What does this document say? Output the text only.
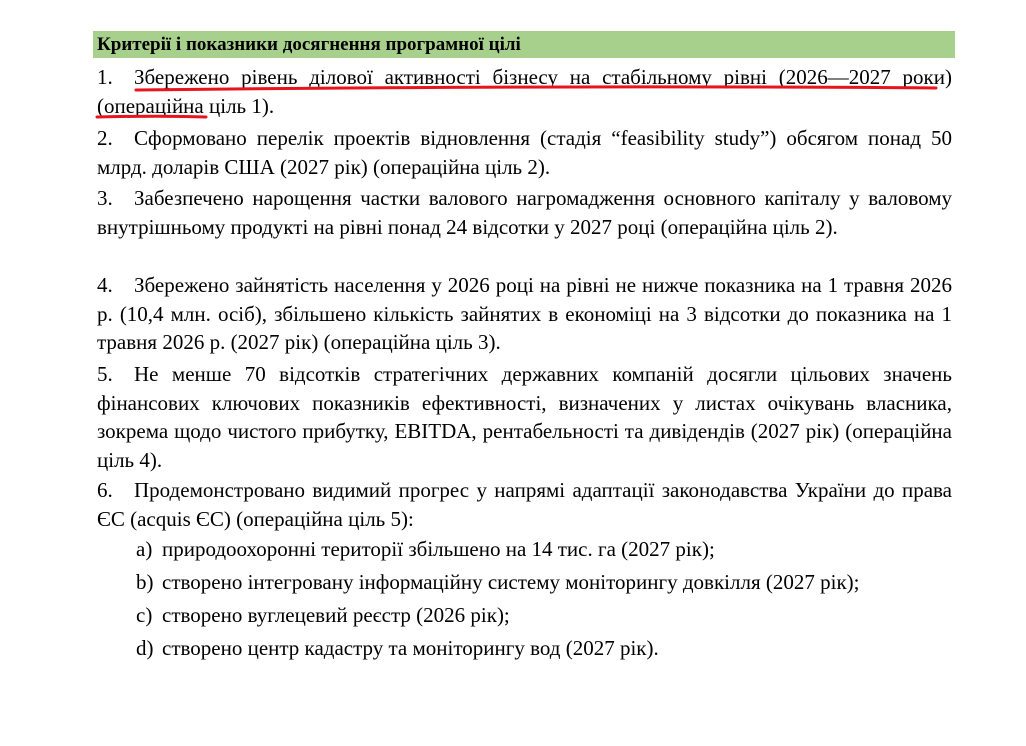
Критерії і показники досягнення програмної цілі
1. Збережено рівень ділової активності бізнесу на стабільному рівні (2026—2027 роки) (операційна ціль 1).
2. Сформовано перелік проектів відновлення (стадія “feasibility study”) обсягом понад 50 млрд. доларів США (2027 рік) (операційна ціль 2).
3. Забезпечено нарощення частки валового нагромадження основного капіталу у валовому внутрішньому продукті на рівні понад 24 відсотки у 2027 році (операційна ціль 2).
4. Збережено зайнятість населення у 2026 році на рівні не нижче показника на 1 травня 2026 р. (10,4 млн. осіб), збільшено кількість зайнятих в економіці на 3 відсотки до показника на 1 травня 2026 р. (2027 рік) (операційна ціль 3).
5. Не менше 70 відсотків стратегічних державних компаній досягли цільових значень фінансових ключових показників ефективності, визначених у листах очікувань власника, зокрема щодо чистого прибутку, EBITDA, рентабельності та дивідендів (2027 рік) (операційна ціль 4).
6. Продемонстровано видимий прогрес у напрямі адаптації законодавства України до права ЄС (acquis ЄС) (операційна ціль 5):
a) природоохоронні території збільшено на 14 тис. га (2027 рік);
b) створено інтегровану інформаційну систему моніторингу довкілля (2027 рік);
c) створено вуглецевий реєстр (2026 рік);
d) створено центр кадастру та моніторингу вод (2027 рік).
